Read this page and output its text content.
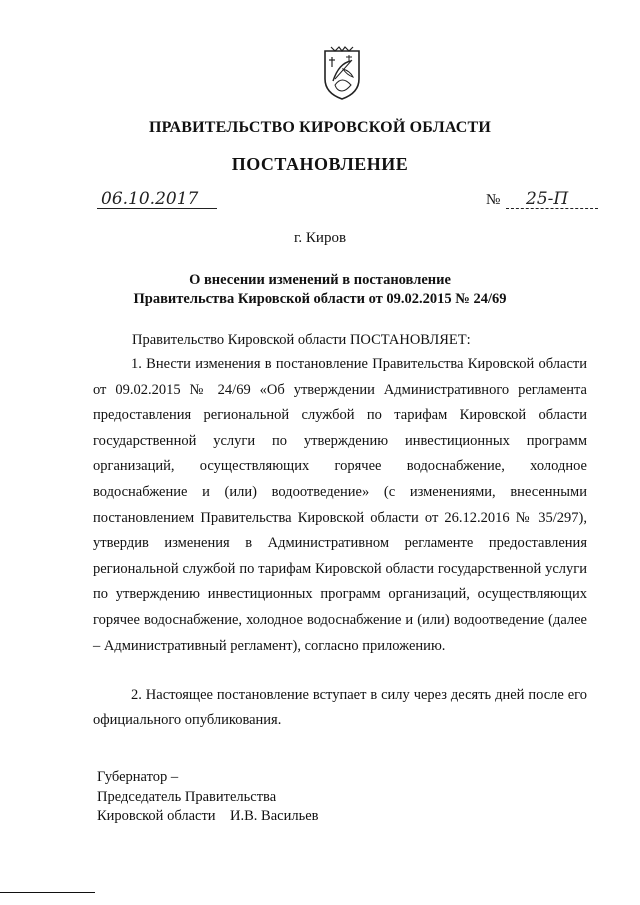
ПРАВИТЕЛЬСТВО КИРОВСКОЙ ОБЛАСТИ
ПОСТАНОВЛЕНИЕ
06.10.2017	№ 25-П
г. Киров
О внесении изменений в постановление
Правительства Кировской области от 09.02.2015 № 24/69
Правительство Кировской области ПОСТАНОВЛЯЕТ:
1. Внести изменения в постановление Правительства Кировской области от 09.02.2015 № 24/69 «Об утверждении Административного регламента предоставления региональной службой по тарифам Кировской области государственной услуги по утверждению инвестиционных программ организаций, осуществляющих горячее водоснабжение, холодное водоснабжение и (или) водоотведение» (с изменениями, внесенными постановлением Правительства Кировской области от 26.12.2016 № 35/297), утвердив изменения в Административном регламенте предоставления региональной службой по тарифам Кировской области государственной услуги по утверждению инвестиционных программ организаций, осуществляющих горячее водоснабжение, холодное водоснабжение и (или) водоотведение (далее – Административный регламент), согласно приложению.
2. Настоящее постановление вступает в силу через десять дней после его официального опубликования.
Губернатор –
Председатель Правительства
Кировской области    И.В. Васильев
